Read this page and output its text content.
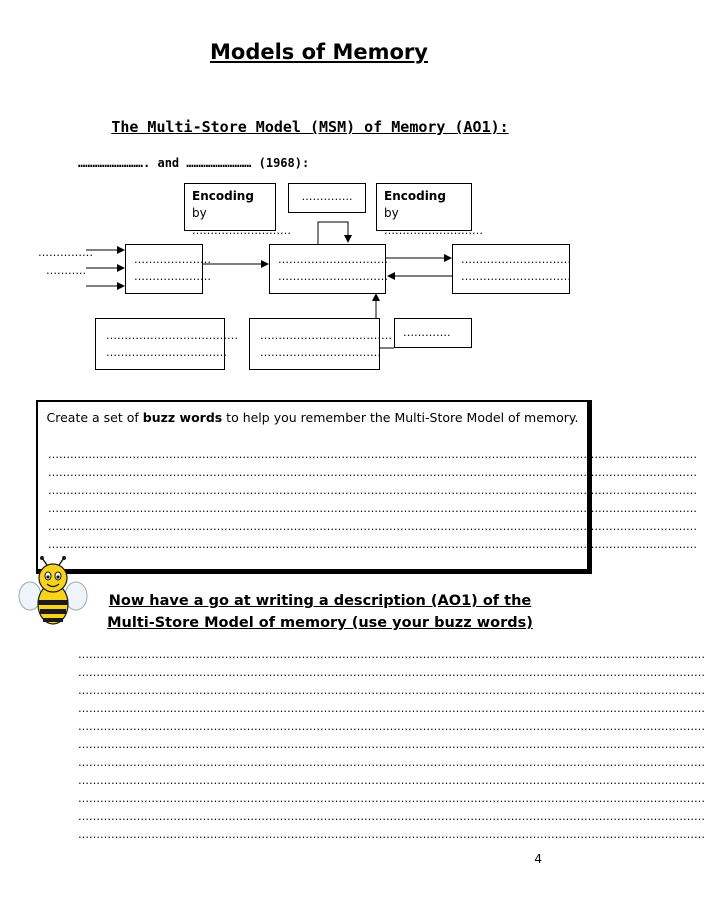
Models of Memory
The Multi-Store Model (MSM) of Memory (AO1):
………………………. and ……………………… (1968):
Encoding by
………………………
…………..	Encoding by
………………………
……………
………..
…………………
…………………
…………………………
…………………………
…………………………
…………………………
………………………………
……………………………
………………………………
……………………………
………….
Create a set of buzz words to help you remember the Multi-Store Model of memory.
……………………………………………………………………………………………………………………………………………………………
……………………………………………………………………………………………………………………………………………………………
……………………………………………………………………………………………………………………………………………………………
……………………………………………………………………………………………………………………………………………………………
……………………………………………………………………………………………………………………………………………………………
……………………………………………………………………………………………………………………………………………………………
Now have a go at writing a description (AO1) of the Multi-Store Model of memory (use your buzz words)
………………………………………………………………………………………………………………………………………………………
………………………………………………………………………………………………………………………………………………………
………………………………………………………………………………………………………………………………………………………
………………………………………………………………………………………………………………………………………………………
………………………………………………………………………………………………………………………………………………………
………………………………………………………………………………………………………………………………………………………
………………………………………………………………………………………………………………………………………………………
………………………………………………………………………………………………………………………………………………………
………………………………………………………………………………………………………………………………………………………
………………………………………………………………………………………………………………………………………………………
………………………………………………………………………………………………………………………………………………………
4
